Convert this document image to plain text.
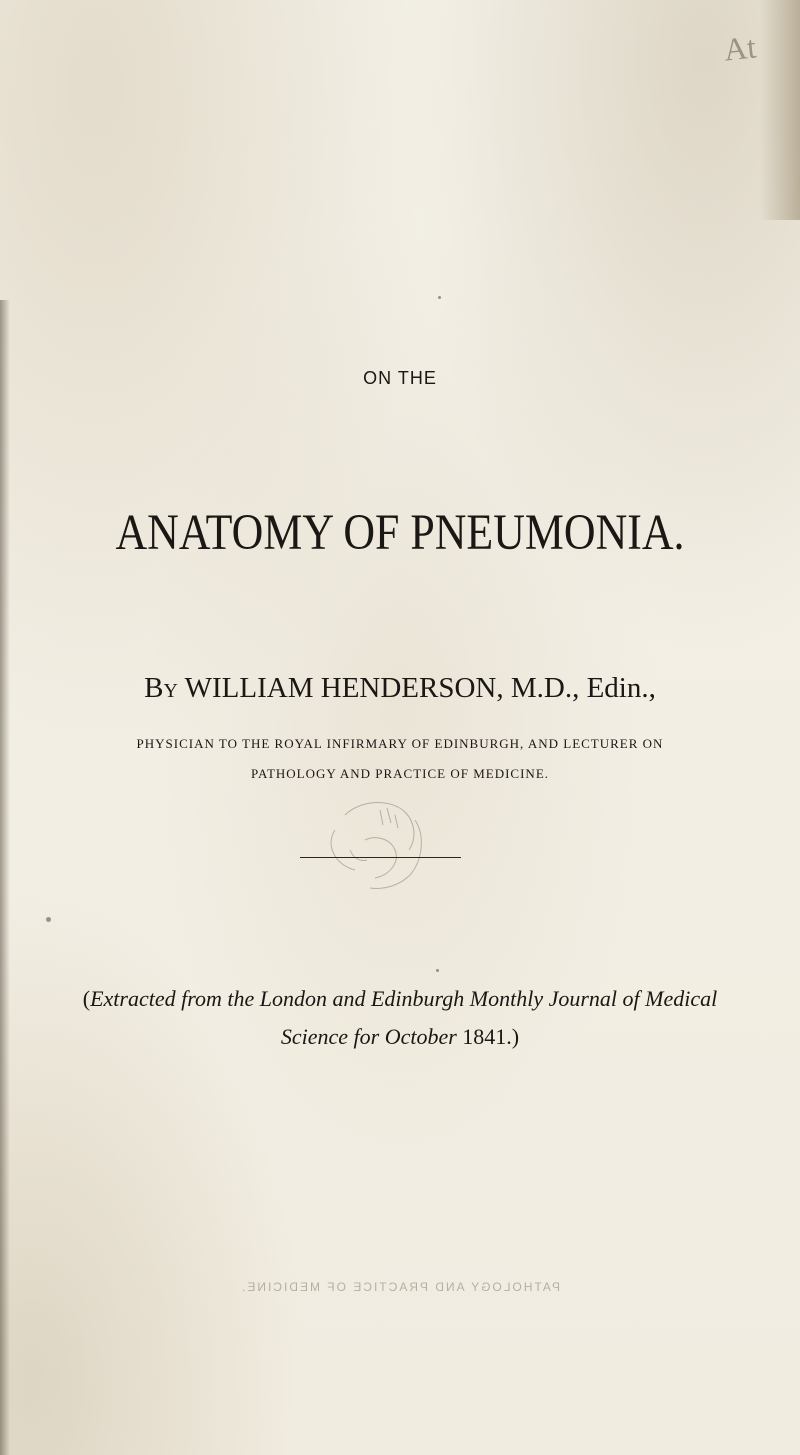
At

ON THE

ANATOMY OF PNEUMONIA.

By WILLIAM HENDERSON, M.D., Edin.,

PHYSICIAN TO THE ROYAL INFIRMARY OF EDINBURGH, AND LECTURER ON

PATHOLOGY AND PRACTICE OF MEDICINE.

(Extracted from the London and Edinburgh Monthly Journal of Medical

Science for October 1841.)

PATHOLOGY AND PRACTICE OF MEDICINE.
